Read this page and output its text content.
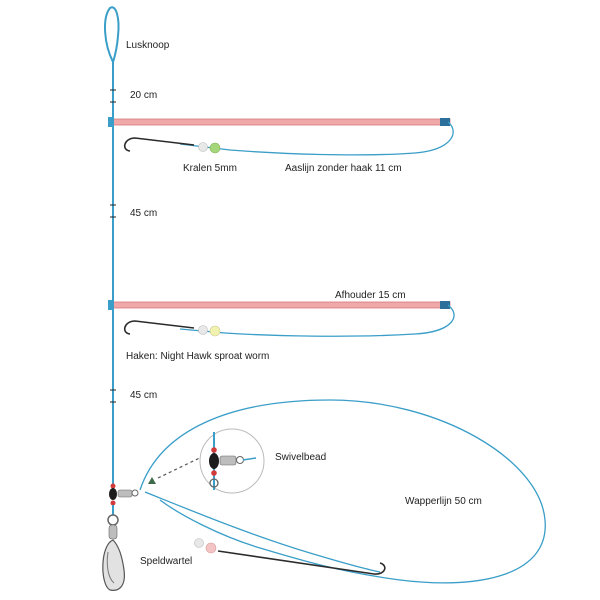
Lusknoop
20 cm
Kralen 5mm	Aaslijn zonder haak 11 cm
45 cm
Afhouder 15 cm
Haken: Night Hawk sproat worm
45 cm
Swivelbead
Wapperlijn 50 cm
Speldwartel
